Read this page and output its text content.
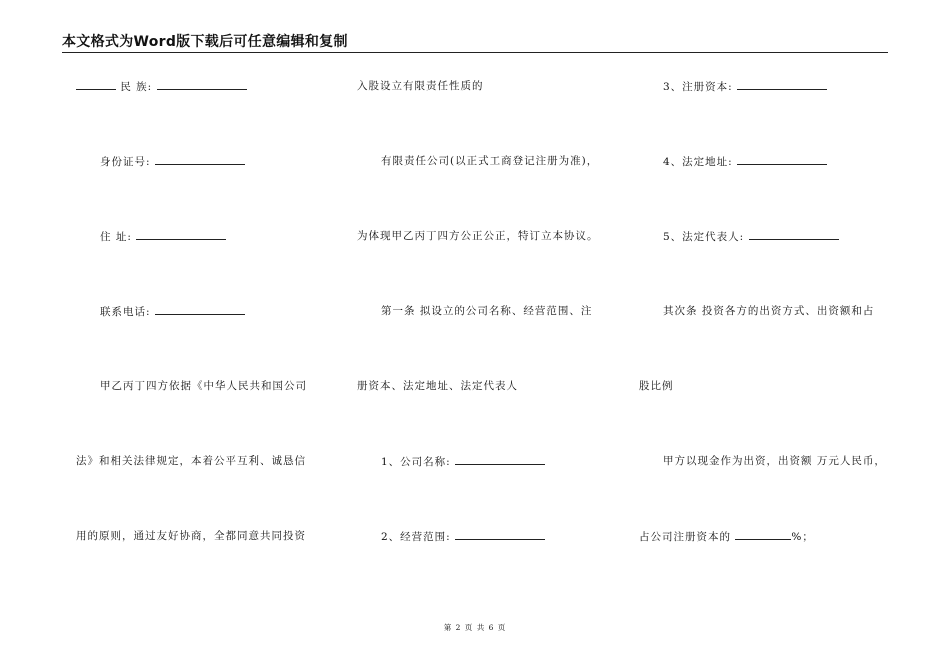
本文格式为Word版下载后可任意编辑和复制
民 族:
身份证号:
住 址:
联系电话:
甲乙丙丁四方依据《中华人民共和国公司
法》和相关法律规定，本着公平互利、诚恳信
用的原则，通过友好协商，全都同意共同投资
入股设立有限责任性质的
有限责任公司(以正式工商登记注册为准)，
为体现甲乙丙丁四方公正公正，特订立本协议。
第一条 拟设立的公司名称、经营范围、注
册资本、法定地址、法定代表人
1、公司名称:
2、经营范围:
3、注册资本:
4、法定地址:
5、法定代表人:
其次条 投资各方的出资方式、出资额和占
股比例
甲方以现金作为出资，出资额 万元人民币，
占公司注册资本的	%；
第 2 页 共 6 页
